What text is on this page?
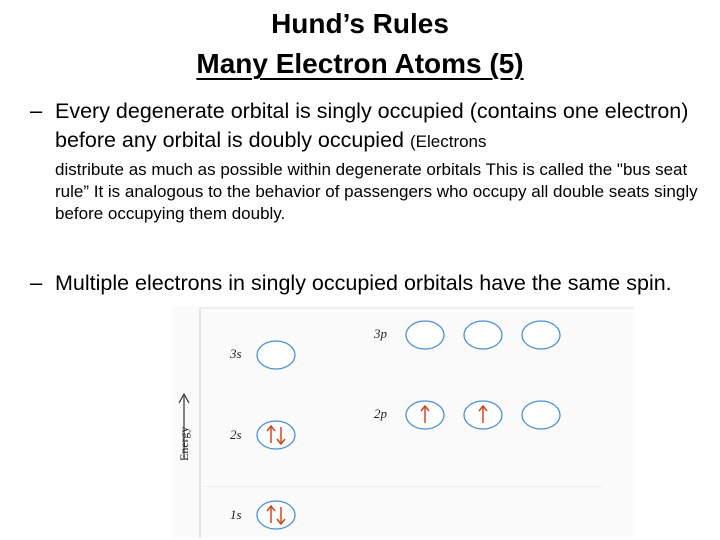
Hund’s Rules
Many Electron Atoms (5)
– Every degenerate orbital is singly occupied (contains one electron) before any orbital is doubly occupied (Electrons
distribute as much as possible within degenerate orbitals This is called the "bus seat rule” It is analogous to the behavior of passengers who occupy all double seats singly before occupying them doubly.
– Multiple electrons in singly occupied orbitals have the same spin.
Energy
3s
2s
1s
3p
2p
